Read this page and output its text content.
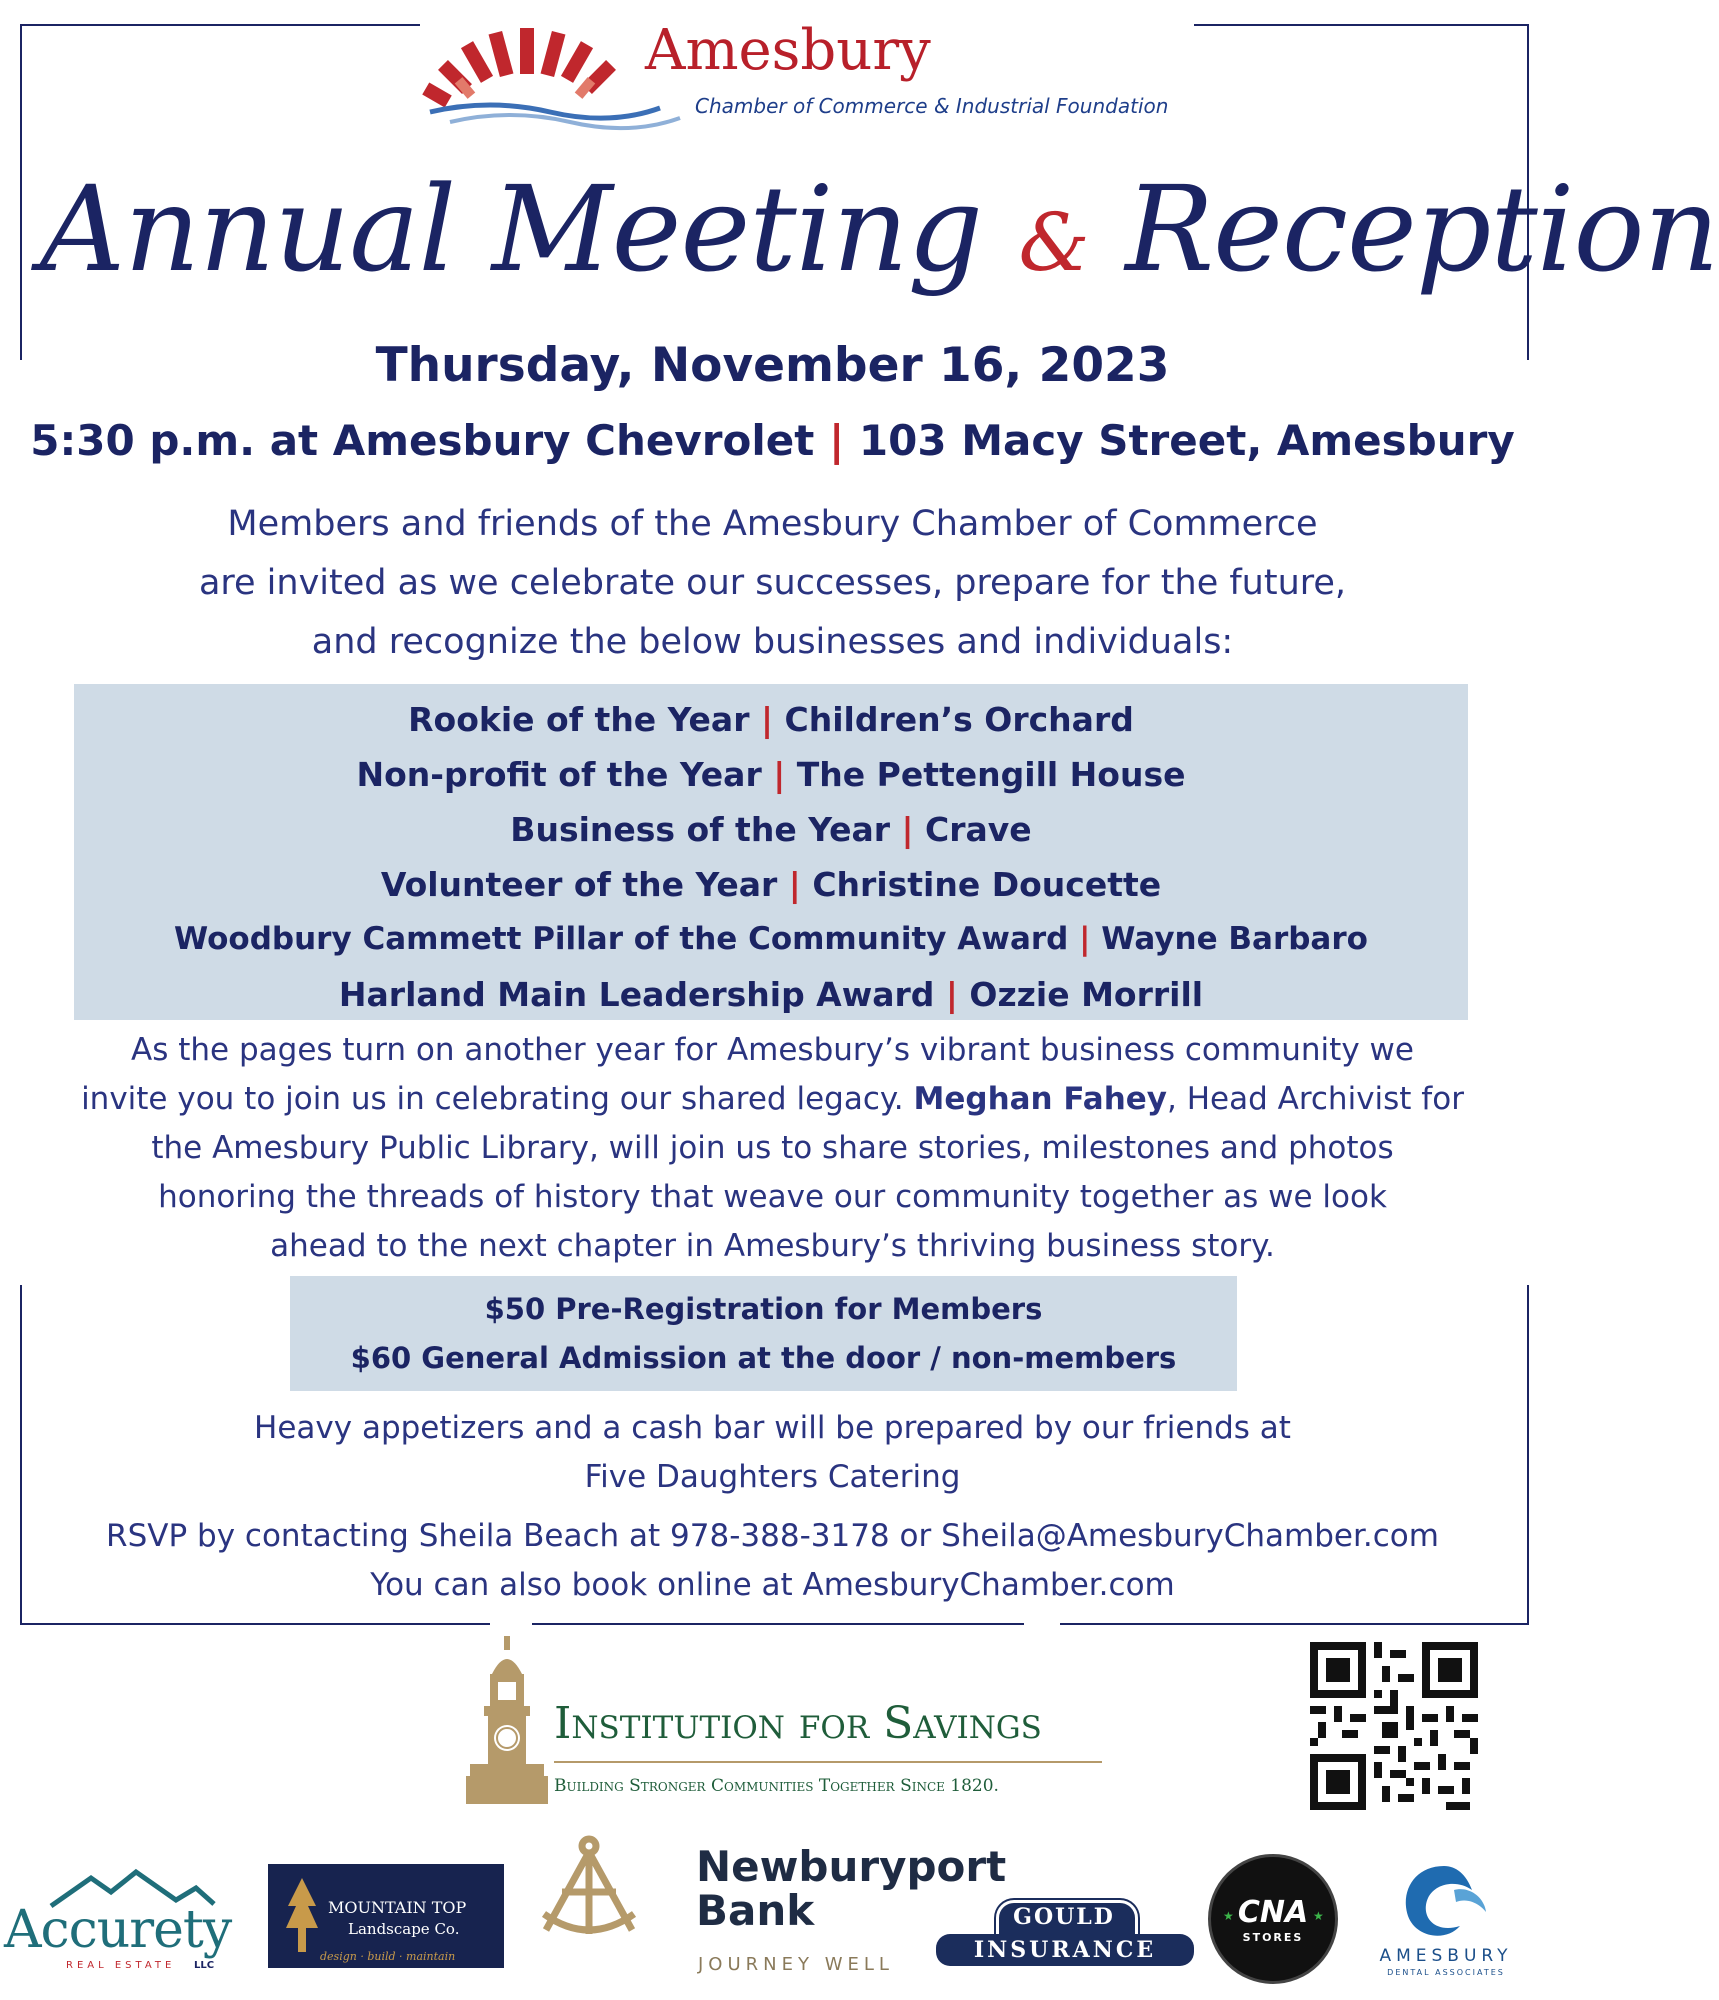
Amesbury
Chamber of Commerce & Industrial Foundation
Annual Meeting & Reception
Thursday, November 16, 2023
5:30 p.m. at Amesbury Chevrolet | 103 Macy Street, Amesbury
Members and friends of the Amesbury Chamber of Commerce
are invited as we celebrate our successes, prepare for the future,
and recognize the below businesses and individuals:
Rookie of the Year | Children’s Orchard
Non-profit of the Year | The Pettengill House
Business of the Year | Crave
Volunteer of the Year | Christine Doucette
Woodbury Cammett Pillar of the Community Award | Wayne Barbaro
Harland Main Leadership Award | Ozzie Morrill
As the pages turn on another year for Amesbury’s vibrant business community we
invite you to join us in celebrating our shared legacy. Meghan Fahey, Head Archivist for
the Amesbury Public Library, will join us to share stories, milestones and photos
honoring the threads of history that weave our community together as we look
ahead to the next chapter in Amesbury’s thriving business story.
$50 Pre-Registration for Members
$60 General Admission at the door / non-members
Heavy appetizers and a cash bar will be prepared by our friends at
Five Daughters Catering
RSVP by contacting Sheila Beach at 978-388-3178 or Sheila@AmesburyChamber.com
You can also book online at AmesburyChamber.com
Institution for Savings
Building Stronger Communities Together Since 1820.
Accurety
REAL ESTATE LLC
MOUNTAIN TOP
Landscape Co.
design · build · maintain
Newburyport
Bank
JOURNEY WELL
GOULD
INSURANCE
CNA
STORES
★	★
AMESBURY
DENTAL ASSOCIATES
